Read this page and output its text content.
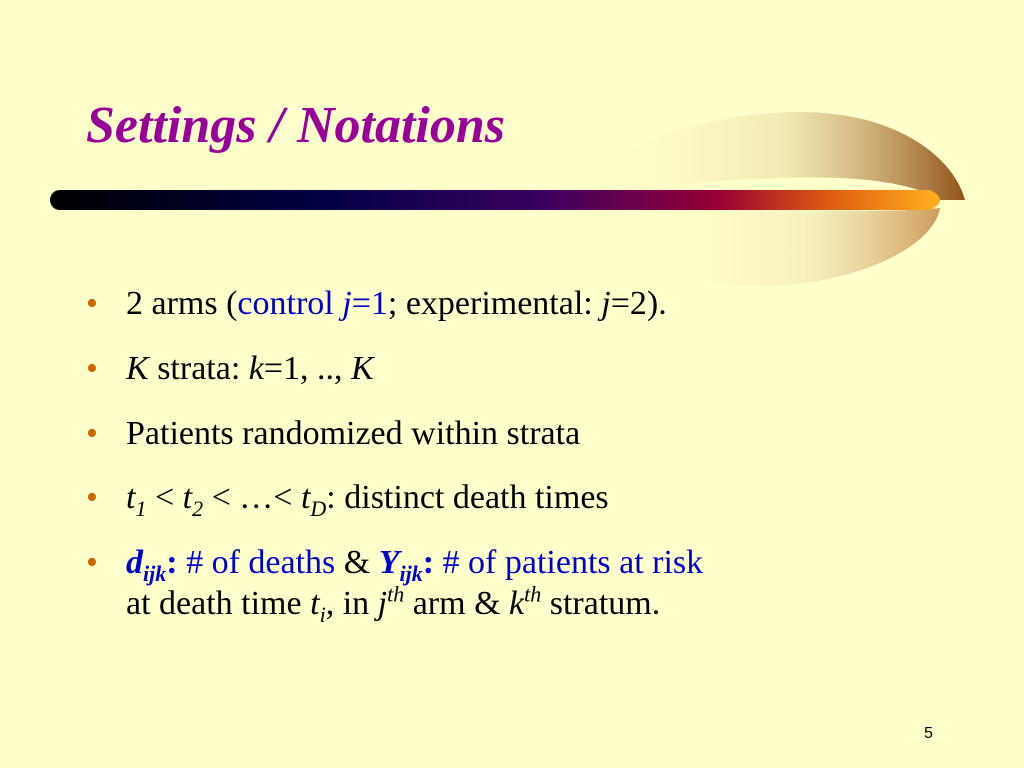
Settings / Notations
• 2 arms (control j=1; experimental: j=2).
• K strata: k=1, .., K
• Patients randomized within strata
• $t_1 < t_2$ < …< $t_D$: distinct death times
• $d_{ijk}$: # of deaths & $Y_{ijk}$: # of patients at risk
at death time $t_i$, in $j^{th}$ arm & $k^{th}$ stratum.
5
